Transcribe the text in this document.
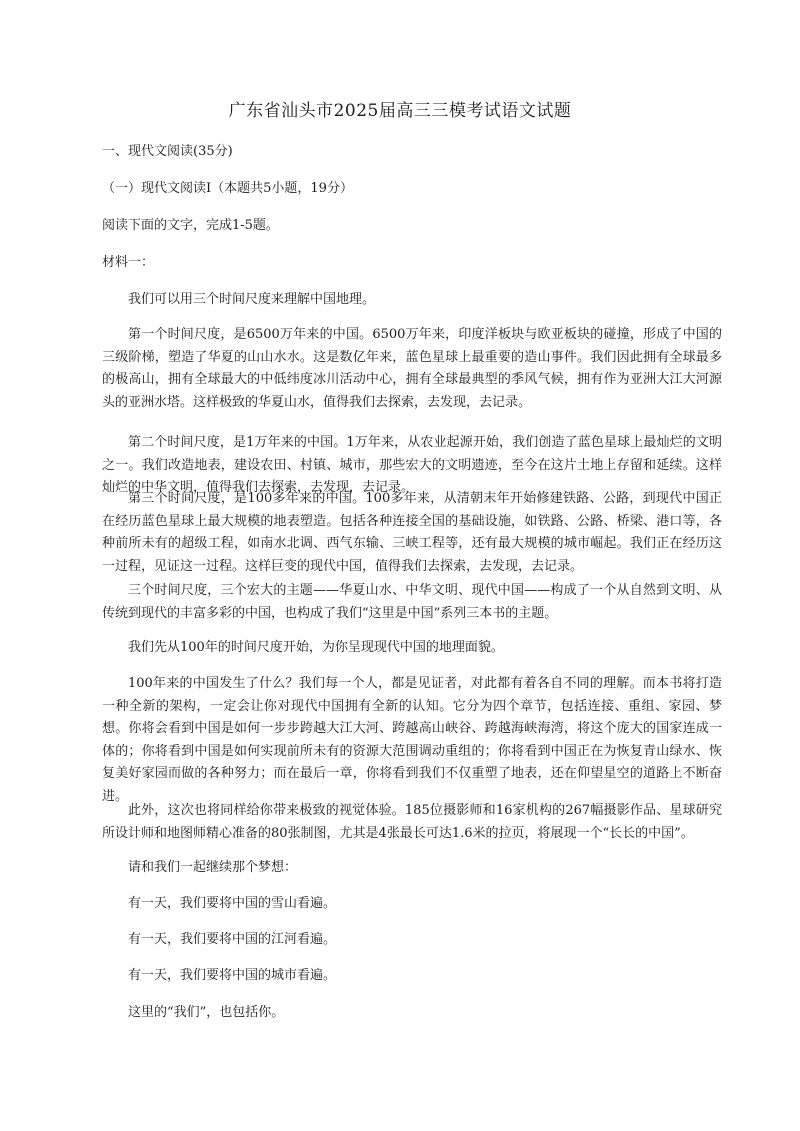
广东省汕头市2025届高三三模考试语文试题
一、现代文阅读(35分)
（一）现代文阅读Ⅰ（本题共5小题，19分）
阅读下面的文字，完成1-5题。
材料一：

我们可以用三个时间尺度来理解中国地理。

第一个时间尺度，是6500万年来的中国。6500万年来，印度洋板块与欧亚板块的碰撞，形成了中国的三级阶梯，塑造了华夏的山山水水。这是数亿年来，蓝色星球上最重要的造山事件。我们因此拥有全球最多的极高山，拥有全球最大的中低纬度冰川活动中心，拥有全球最典型的季风气候，拥有作为亚洲大江大河源头的亚洲水塔。这样极致的华夏山水，值得我们去探索，去发现，去记录。

第二个时间尺度，是1万年来的中国。1万年来，从农业起源开始，我们创造了蓝色星球上最灿烂的文明之一。我们改造地表，建设农田、村镇、城市，那些宏大的文明遗迹，至今在这片土地上存留和延续。这样灿烂的中华文明，值得我们去探索，去发现，去记录。

第三个时间尺度，是100多年来的中国。100多年来，从清朝末年开始修建铁路、公路，到现代中国正在经历蓝色星球上最大规模的地表塑造。包括各种连接全国的基础设施，如铁路、公路、桥梁、港口等，各种前所未有的超级工程，如南水北调、西气东输、三峡工程等，还有最大规模的城市崛起。我们正在经历这一过程，见证这一过程。这样巨变的现代中国，值得我们去探索，去发现，去记录。

三个时间尺度，三个宏大的主题——华夏山水、中华文明、现代中国——构成了一个从自然到文明、从传统到现代的丰富多彩的中国，也构成了我们“这里是中国”系列三本书的主题。

我们先从100年的时间尺度开始，为你呈现现代中国的地理面貌。

100年来的中国发生了什么？我们每一个人，都是见证者，对此都有着各自不同的理解。而本书将打造一种全新的架构，一定会让你对现代中国拥有全新的认知。它分为四个章节，包括连接、重组、家园、梦想。你将会看到中国是如何一步步跨越大江大河、跨越高山峡谷、跨越海峡海湾，将这个庞大的国家连成一体的；你将看到中国是如何实现前所未有的资源大范围调动重组的；你将看到中国正在为恢复青山绿水、恢复美好家园而做的各种努力；而在最后一章，你将看到我们不仅重塑了地表，还在仰望星空的道路上不断奋进。

此外，这次也将同样给你带来极致的视觉体验。185位摄影师和16家机构的267幅摄影作品、星球研究所设计师和地图师精心准备的80张制图，尤其是4张最长可达1.6米的拉页，将展现一个“长长的中国”。

请和我们一起继续那个梦想：

有一天，我们要将中国的雪山看遍。

有一天，我们要将中国的江河看遍。

有一天，我们要将中国的城市看遍。

这里的“我们”，也包括你。
